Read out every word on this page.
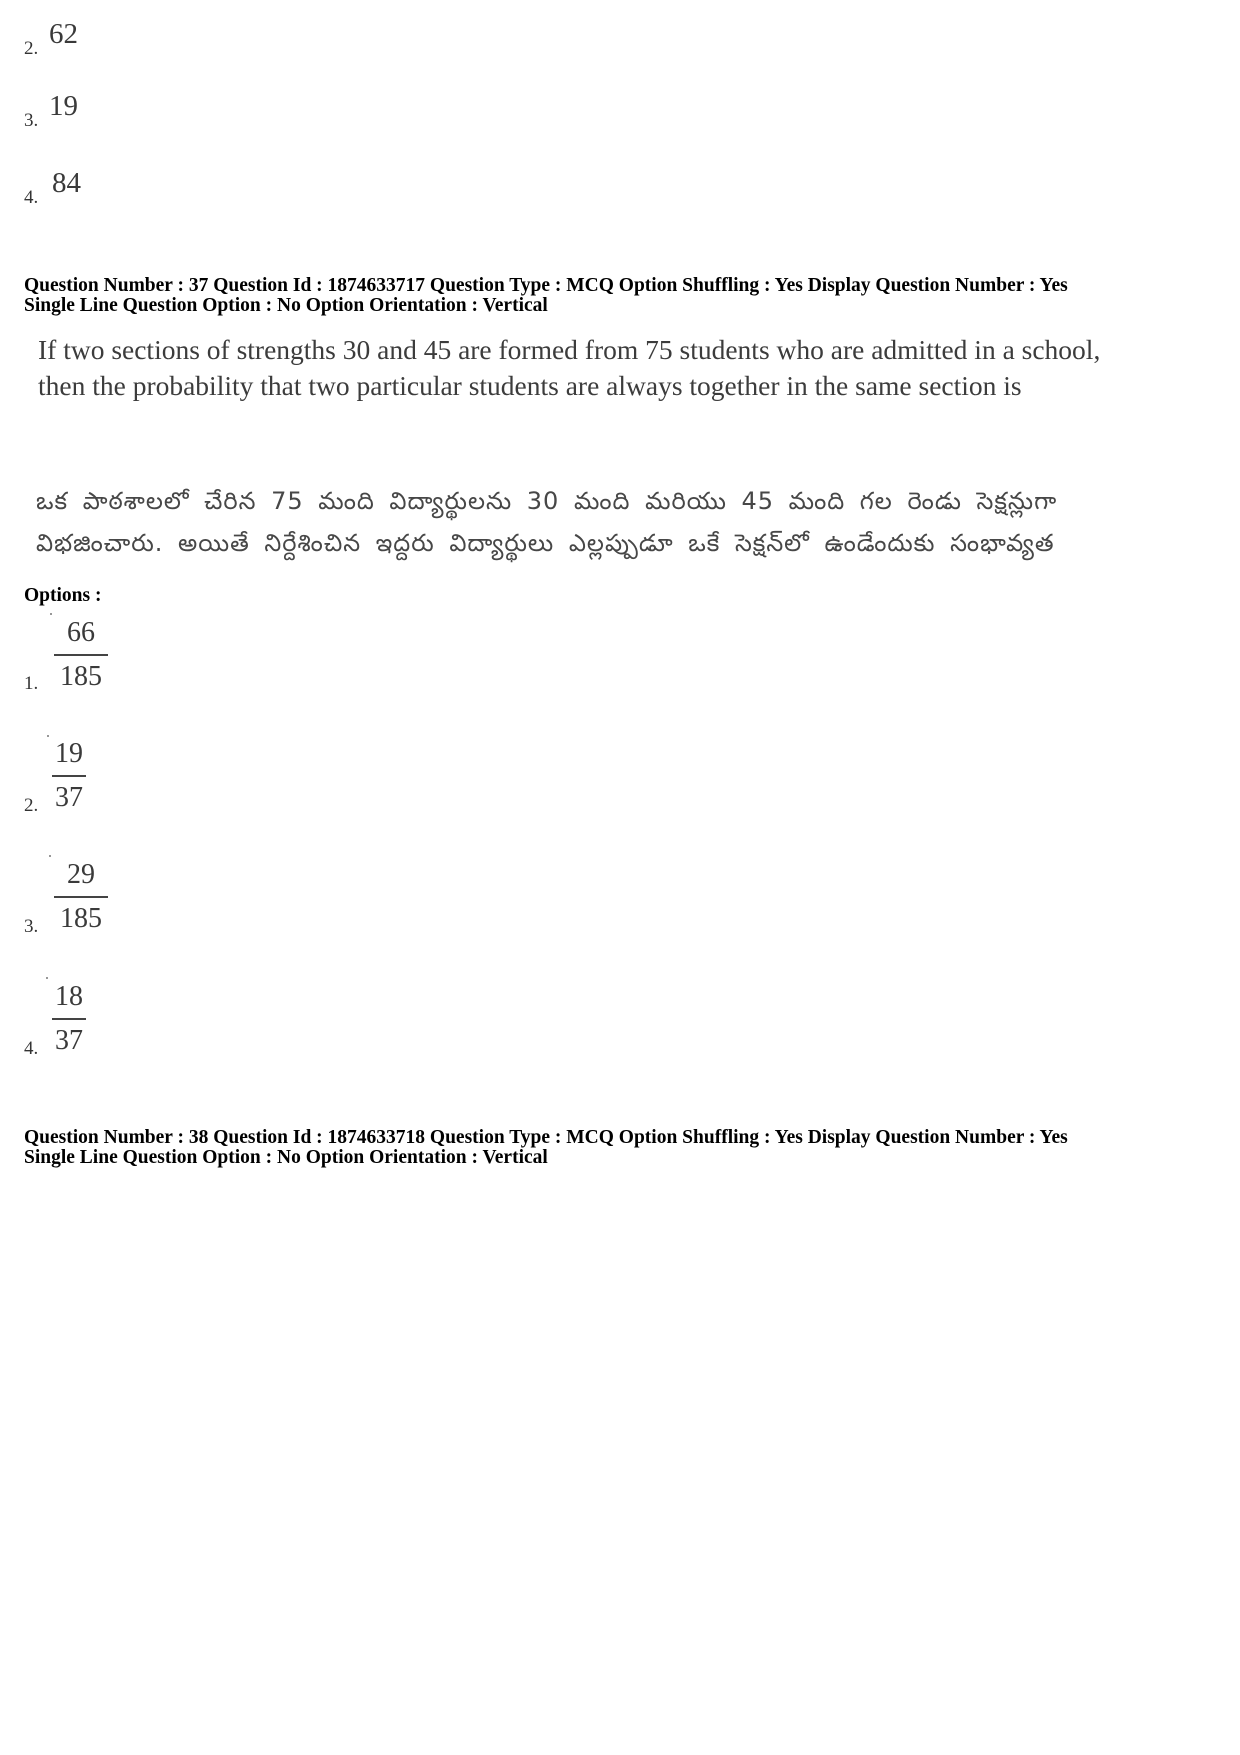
2. 62
3. 19
4. 84
Question Number : 37 Question Id : 1874633717 Question Type : MCQ Option Shuffling : Yes Display Question Number : Yes
Single Line Question Option : No Option Orientation : Vertical
If two sections of strengths 30 and 45 are formed from 75 students who are admitted in a school, then the probability that two particular students are always together in the same section is
ఒక పాఠశాలలో చేరిన 75 మంది విద్యార్థులను 30 మంది మరియు 45 మంది గల రెండు సెక్షన్లుగా
విభజించారు. అయితే నిర్దేశించిన ఇద్దరు విద్యార్థులు ఎల్లప్పుడూ ఒకే సెక్షన్‌లో ఉండేందుకు సంభావ్యత
Options :
1.
66
185
2.
19
37
3.
29
185
4.
18
37
Question Number : 38 Question Id : 1874633718 Question Type : MCQ Option Shuffling : Yes Display Question Number : Yes
Single Line Question Option : No Option Orientation : Vertical
